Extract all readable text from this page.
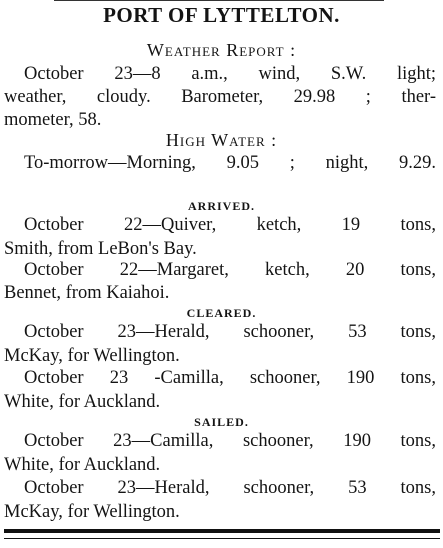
PORT OF LYTTELTON.
Weather Report :
October 23—8 a.m., wind, S.W. light;
weather, cloudy. Barometer, 29.98 ; ther-
mometer, 58.
High Water :
To-morrow—Morning, 9.05 ; night, 9.29.
ARRIVED.
October 22—Quiver, ketch, 19 tons,
Smith, from LeBon's Bay.
October 22—Margaret, ketch, 20 tons,
Bennet, from Kaiahoi.
CLEARED.
October 23—Herald, schooner, 53 tons,
McKay, for Wellington.
October 23 -Camilla, schooner, 190 tons,
White, for Auckland.
SAILED.
October 23—Camilla, schooner, 190 tons,
White, for Auckland.
October 23—Herald, schooner, 53 tons,
McKay, for Wellington.
